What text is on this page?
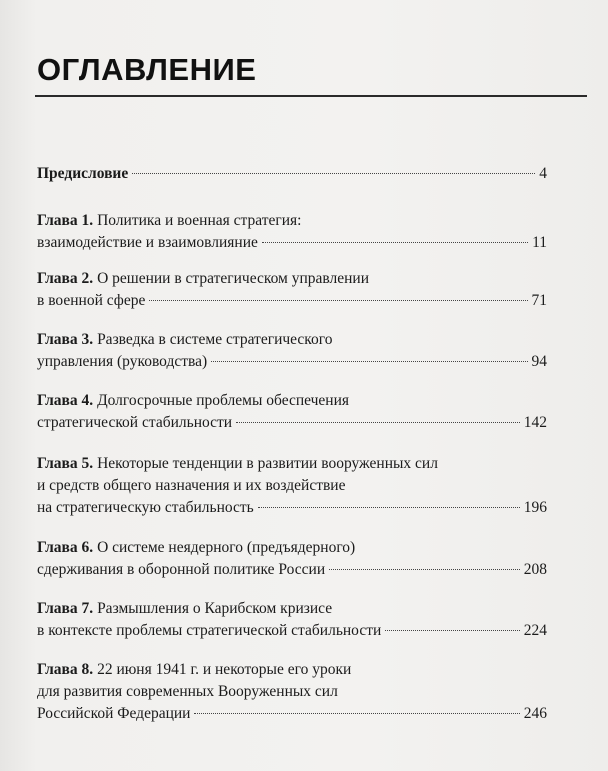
ОГЛАВЛЕНИЕ
Предисловие	4
Глава 1. Политика и военная стратегия:
взаимодействие и взаимовлияние	11
Глава 2. О решении в стратегическом управлении
в военной сфере	71
Глава 3. Разведка в системе стратегического
управления (руководства)	94
Глава 4. Долгосрочные проблемы обеспечения
стратегической стабильности	142
Глава 5. Некоторые тенденции в развитии вооруженных сил
и средств общего назначения и их воздействие
на стратегическую стабильность	196
Глава 6. О системе неядерного (предъядерного)
сдерживания в оборонной политике России	208
Глава 7. Размышления о Карибском кризисе
в контексте проблемы стратегической стабильности	224
Глава 8. 22 июня 1941 г. и некоторые его уроки
для развития современных Вооруженных сил
Российской Федерации	246
